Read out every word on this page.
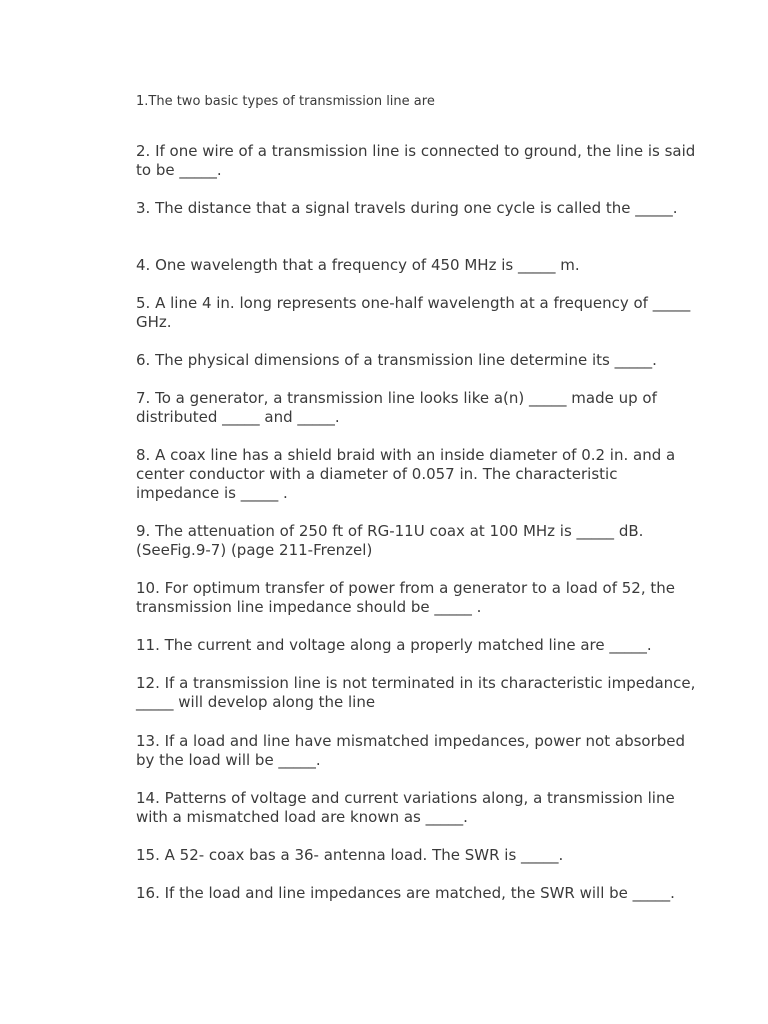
1.The two basic types of transmission line are

2. If one wire of a transmission line is connected to ground, the line is said to be _____.

3. The distance that a signal travels during one cycle is called the _____.

4. One wavelength that a frequency of 450 MHz is _____ m.

5. A line 4 in. long represents one-half wavelength at a frequency of _____ GHz.

6. The physical dimensions of a transmission line determine its _____.

7. To a generator, a transmission line looks like a(n) _____ made up of distributed _____ and _____.

8. A coax line has a shield braid with an inside diameter of 0.2 in. and a center conductor with a diameter of 0.057 in. The characteristic impedance is _____ .

9. The attenuation of 250 ft of RG-11U coax at 100 MHz is _____ dB. (SeeFig.9-7) (page 211-Frenzel)

10. For optimum transfer of power from a generator to a load of 52, the transmission line impedance should be _____ .

11. The current and voltage along a properly matched line are _____.

12. If a transmission line is not terminated in its characteristic impedance, _____ will develop along the line

13. If a load and line have mismatched impedances, power not absorbed by the load will be _____.

14. Patterns of voltage and current variations along, a transmission line with a mismatched load are known as _____.

15. A 52- coax bas a 36- antenna load. The SWR is _____.

16. If the load and line impedances are matched, the SWR will be _____.
